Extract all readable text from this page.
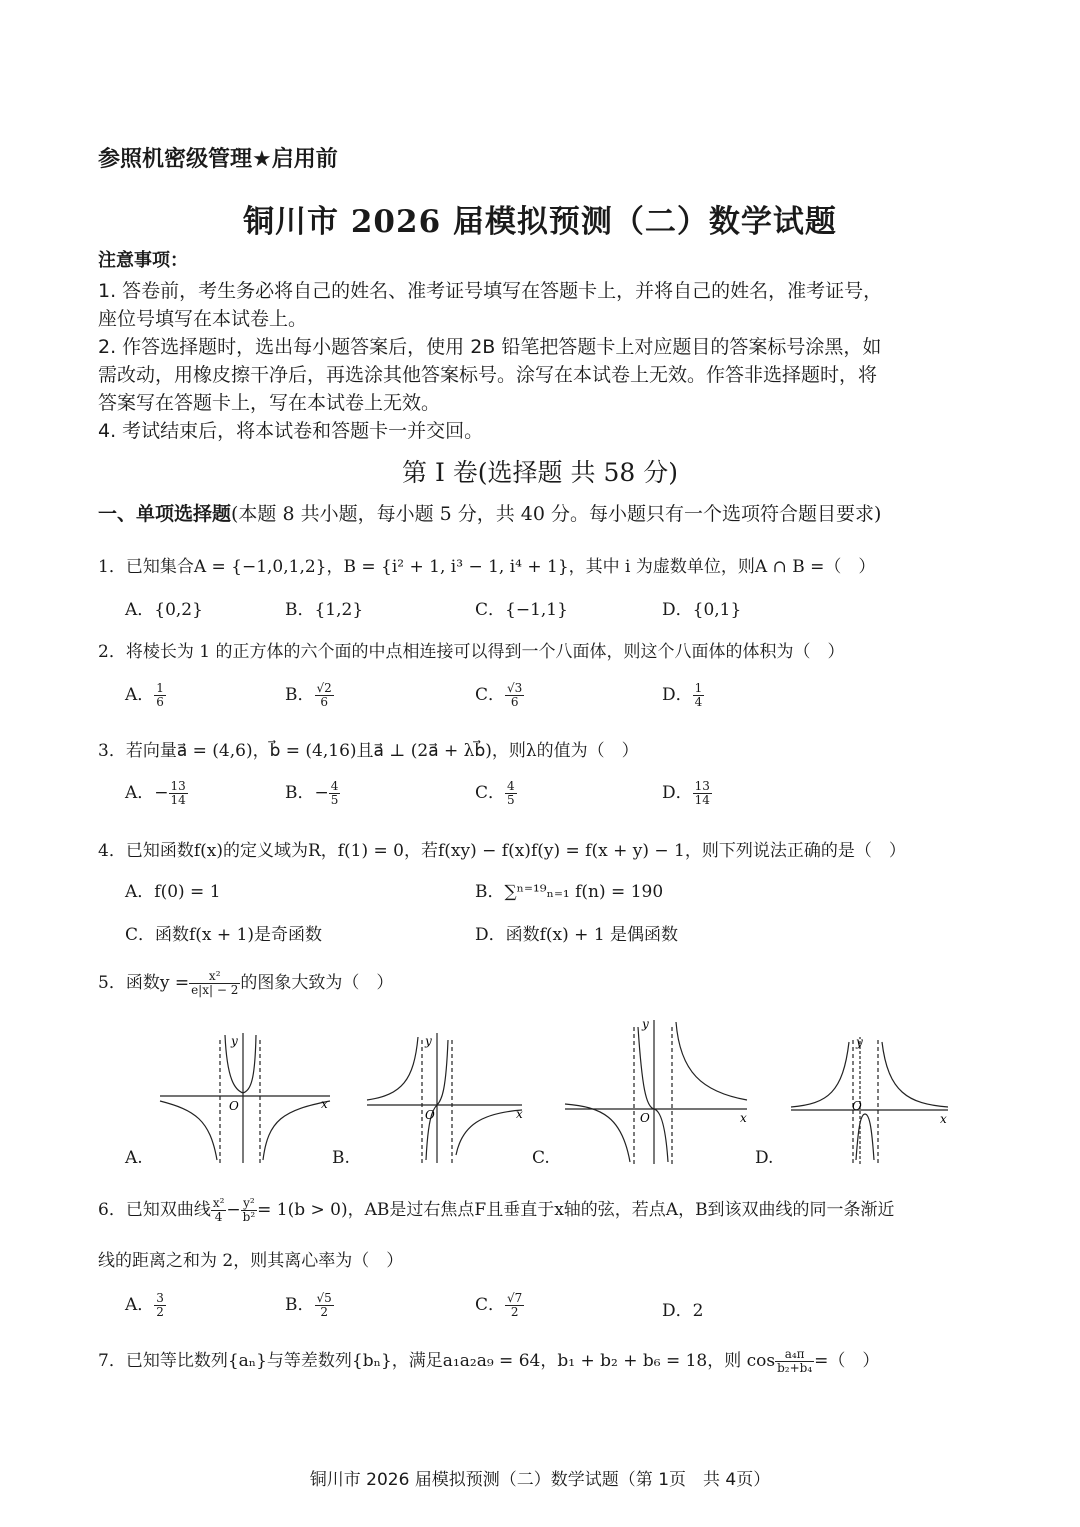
参照机密级管理★启用前
铜川市 2026 届模拟预测（二）数学试题
注意事项：
1. 答卷前，考生务必将自己的姓名、准考证号填写在答题卡上，并将自己的姓名，准考证号，
座位号填写在本试卷上。
2. 作答选择题时，选出每小题答案后，使用 2B 铅笔把答题卡上对应题目的答案标号涂黑，如
需改动，用橡皮擦干净后，再选涂其他答案标号。涂写在本试卷上无效。作答非选择题时，将
答案写在答题卡上，写在本试卷上无效。
4. 考试结束后，将本试卷和答题卡一并交回。
第 I 卷(选择题 共 58 分)
一、单项选择题(本题 8 共小题，每小题 5 分，共 40 分。每小题只有一个选项符合题目要求)
1．已知集合A = {−1,0,1,2}，B = {i² + 1, i³ − 1, i⁴ + 1}，其中 i 为虚数单位，则A ∩ B =（　）
A．{0,2}	B．{1,2}	C．{−1,1}	D．{0,1}
2．将棱长为 1 的正方体的六个面的中点相连接可以得到一个八面体，则这个八面体的体积为（　）
A． $\frac{1}{6}$	B． $\frac{√2}{6}$	C． $\frac{√3}{6}$	D． $\frac{1}{4}$
3．若向量a⃗ = (4,6)，b⃗ = (4,16)且a⃗ ⊥ (2a⃗ + λb⃗)，则λ的值为（　）
A．− $\frac{13}{14}$	B．− $\frac{4}{5}$	C． $\frac{4}{5}$	D． $\frac{13}{14}$
4．已知函数f(x)的定义域为R，f(1) = 0，若f(xy) − f(x)f(y) = f(x + y) − 1，则下列说法正确的是（　）
A．f(0) = 1	B．∑ⁿ⁼¹⁹ₙ₌₁ f(n) = 190
C．函数f(x + 1)是奇函数	D．函数f(x) + 1 是偶函数
5．函数$y = \frac{\text{x²}}{e|x| - 2}$ 的图象大致为（　）
y
x
O
A.
y
x
O
B.
y
x
O
C.
y
x
O
D.
6．已知双曲线 $\frac{\text{x²}}{4} - \frac{\text{y²}}{\text{b²}} = 1(b > 0)$，AB是过右焦点F且垂直于x轴的弦，若点A，B到该双曲线的同一条渐近
线的距离之和为 2，则其离心率为（　）
A． $\frac{3}{2}$	B． $\frac{√5}{2}$	C． $\frac{√7}{2}$	D．2
7．已知等比数列{aₙ}与等差数列{bₙ}，满足a₁a₂a₉ = 64，b₁ + b₂ + b₆ = 18，则 $\cos \frac{\text{a₄π}}{\text{b₂+b₄}}$ =（　）
铜川市 2026 届模拟预测（二）数学试题（第 1页　共 4页）
